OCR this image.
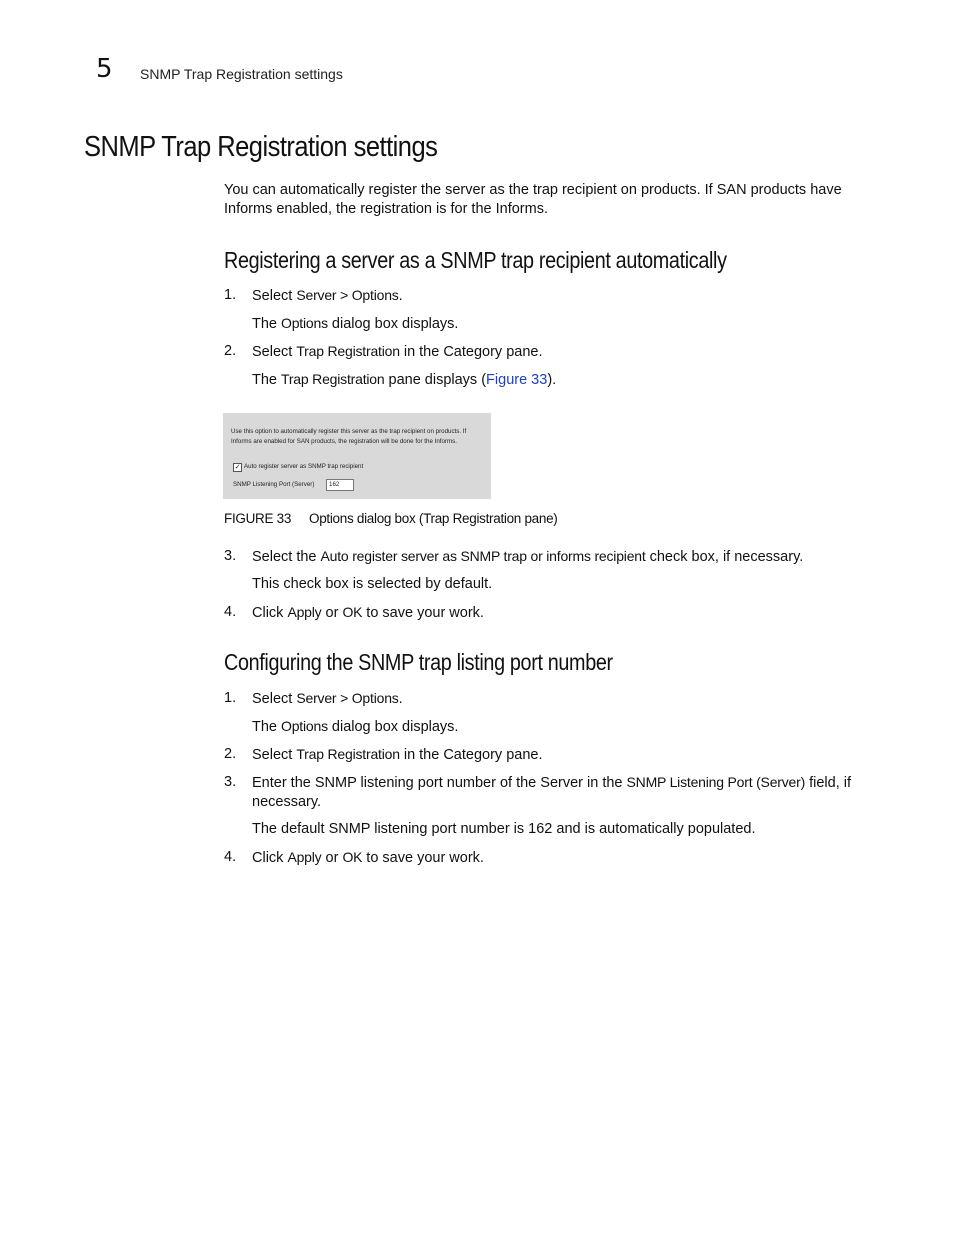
5 SNMP Trap Registration settings
SNMP Trap Registration settings

You can automatically register the server as the trap recipient on products. If SAN products have Informs enabled, the registration is for the Informs.

Registering a server as a SNMP trap recipient automatically
1. Select Server > Options.
The Options dialog box displays.
2. Select Trap Registration in the Category pane.
The Trap Registration pane displays (Figure 33).
Use this option to automatically register this server as the trap recipient on products. If Informs are enabled for SAN products, the registration will be done for the Informs.
✓ Auto register server as SNMP trap recipient
SNMP Listening Port (Server)	162
FIGURE 33 Options dialog box (Trap Registration pane)
3. Select the Auto register server as SNMP trap or informs recipient check box, if necessary.
This check box is selected by default.
4. Click Apply or OK to save your work.
Configuring the SNMP trap listing port number
1. Select Server > Options.
The Options dialog box displays.
2. Select Trap Registration in the Category pane.
3. Enter the SNMP listening port number of the Server in the SNMP Listening Port (Server) field, if necessary.
The default SNMP listening port number is 162 and is automatically populated.
4. Click Apply or OK to save your work.
